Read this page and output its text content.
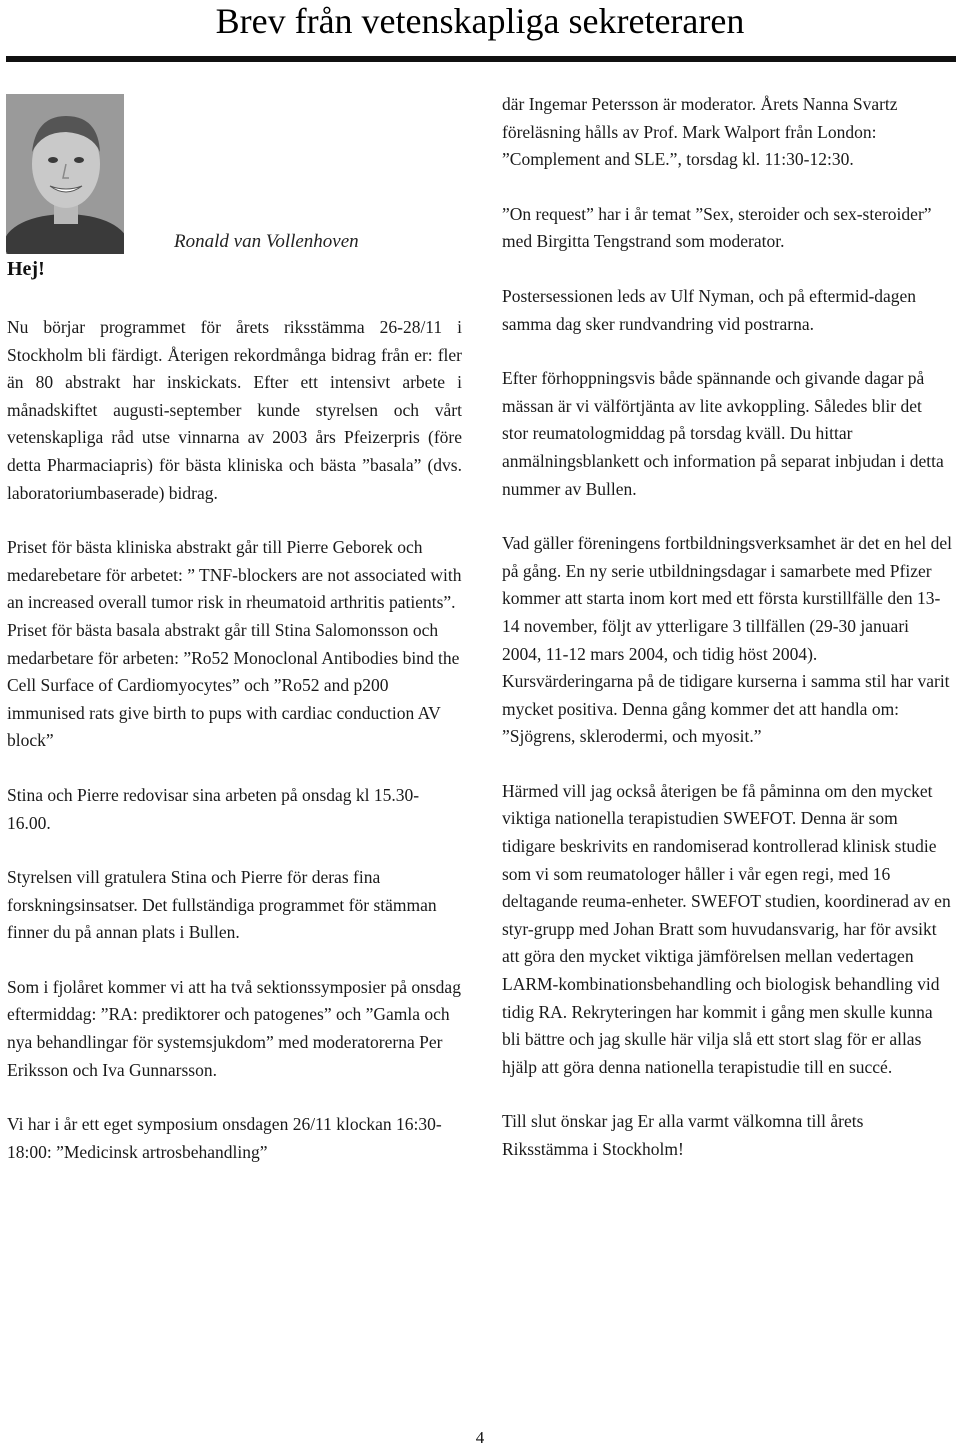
Brev från vetenskapliga sekreteraren
Ronald van Vollenhoven
Hej!

Nu börjar programmet för årets riksstämma 26-28/11 i Stockholm bli färdigt. Återigen rekordmånga bidrag från er: fler än 80 abstrakt har inskickats. Efter ett intensivt arbete i månadskiftet augusti-september kunde styrelsen och vårt vetenskapliga råd utse vinnarna av 2003 års Pfeizerpris (före detta Pharmaciapris) för bästa kliniska och bästa ”basala” (dvs. laboratoriumbaserade) bidrag.

Priset för bästa kliniska abstrakt går till Pierre Geborek och medarebetare för arbetet: ” TNF-blockers are not associated with an increased overall tumor risk in rheumatoid arthritis patients”. Priset för bästa basala abstrakt går till Stina Salomonsson och medarbetare för arbeten: ”Ro52 Monoclonal Antibodies bind the Cell Surface of Cardiomyocytes” och ”Ro52 and p200 immunised rats give birth to pups with cardiac conduction AV block”

Stina och Pierre redovisar sina arbeten på onsdag kl 15.30-16.00.

Styrelsen vill gratulera Stina och Pierre för deras fina forskningsinsatser. Det fullständiga programmet för stämman finner du på annan plats i Bullen.

Som i fjolåret kommer vi att ha två sektionssymposier på onsdag eftermiddag: ”RA: prediktorer och patogenes” och ”Gamla och nya behandlingar för systemsjukdom” med moderatorerna Per Eriksson och Iva Gunnarsson.

Vi har i år ett eget symposium onsdagen 26/11 klockan 16:30-18:00: ”Medicinsk artrosbehandling”

där Ingemar Petersson är moderator. Årets Nanna Svartz föreläsning hålls av Prof. Mark Walport från London: ”Complement and SLE.”, torsdag kl. 11:30-12:30.

”On request” har i år temat ”Sex, steroider och sex-steroider” med Birgitta Tengstrand som moderator.

Postersessionen leds av Ulf Nyman, och på eftermid-dagen samma dag sker rundvandring vid postrarna.

Efter förhoppningsvis både spännande och givande dagar på mässan är vi välförtjänta av lite avkoppling. Således blir det stor reumatologmiddag på torsdag kväll. Du hittar anmälningsblankett och information på separat inbjudan i detta nummer av Bullen.

Vad gäller föreningens fortbildningsverksamhet är det en hel del på gång. En ny serie utbildningsdagar i samarbete med Pfizer kommer att starta inom kort med ett första kurstillfälle den 13-14 november, följt av ytterligare 3 tillfällen (29-30 januari 2004, 11-12 mars 2004, och tidig höst 2004). Kursvärderingarna på de tidigare kurserna i samma stil har varit mycket positiva. Denna gång kommer det att handla om: ”Sjögrens, sklerodermi, och myosit.”

Härmed vill jag också återigen be få påminna om den mycket viktiga nationella terapistudien SWEFOT. Denna är som tidigare beskrivits en randomiserad kontrollerad klinisk studie som vi som reumatologer håller i vår egen regi, med 16 deltagande reuma-enheter. SWEFOT studien, koordinerad av en styr-grupp med Johan Bratt som huvudansvarig, har för avsikt att göra den mycket viktiga jämförelsen mellan vedertagen LARM-kombinationsbehandling och biologisk behandling vid tidig RA. Rekryteringen har kommit i gång men skulle kunna bli bättre och jag skulle här vilja slå ett stort slag för er allas hjälp att göra denna nationella terapistudie till en succé.

Till slut önskar jag Er alla varmt välkomna till årets Riksstämma i Stockholm!

4
